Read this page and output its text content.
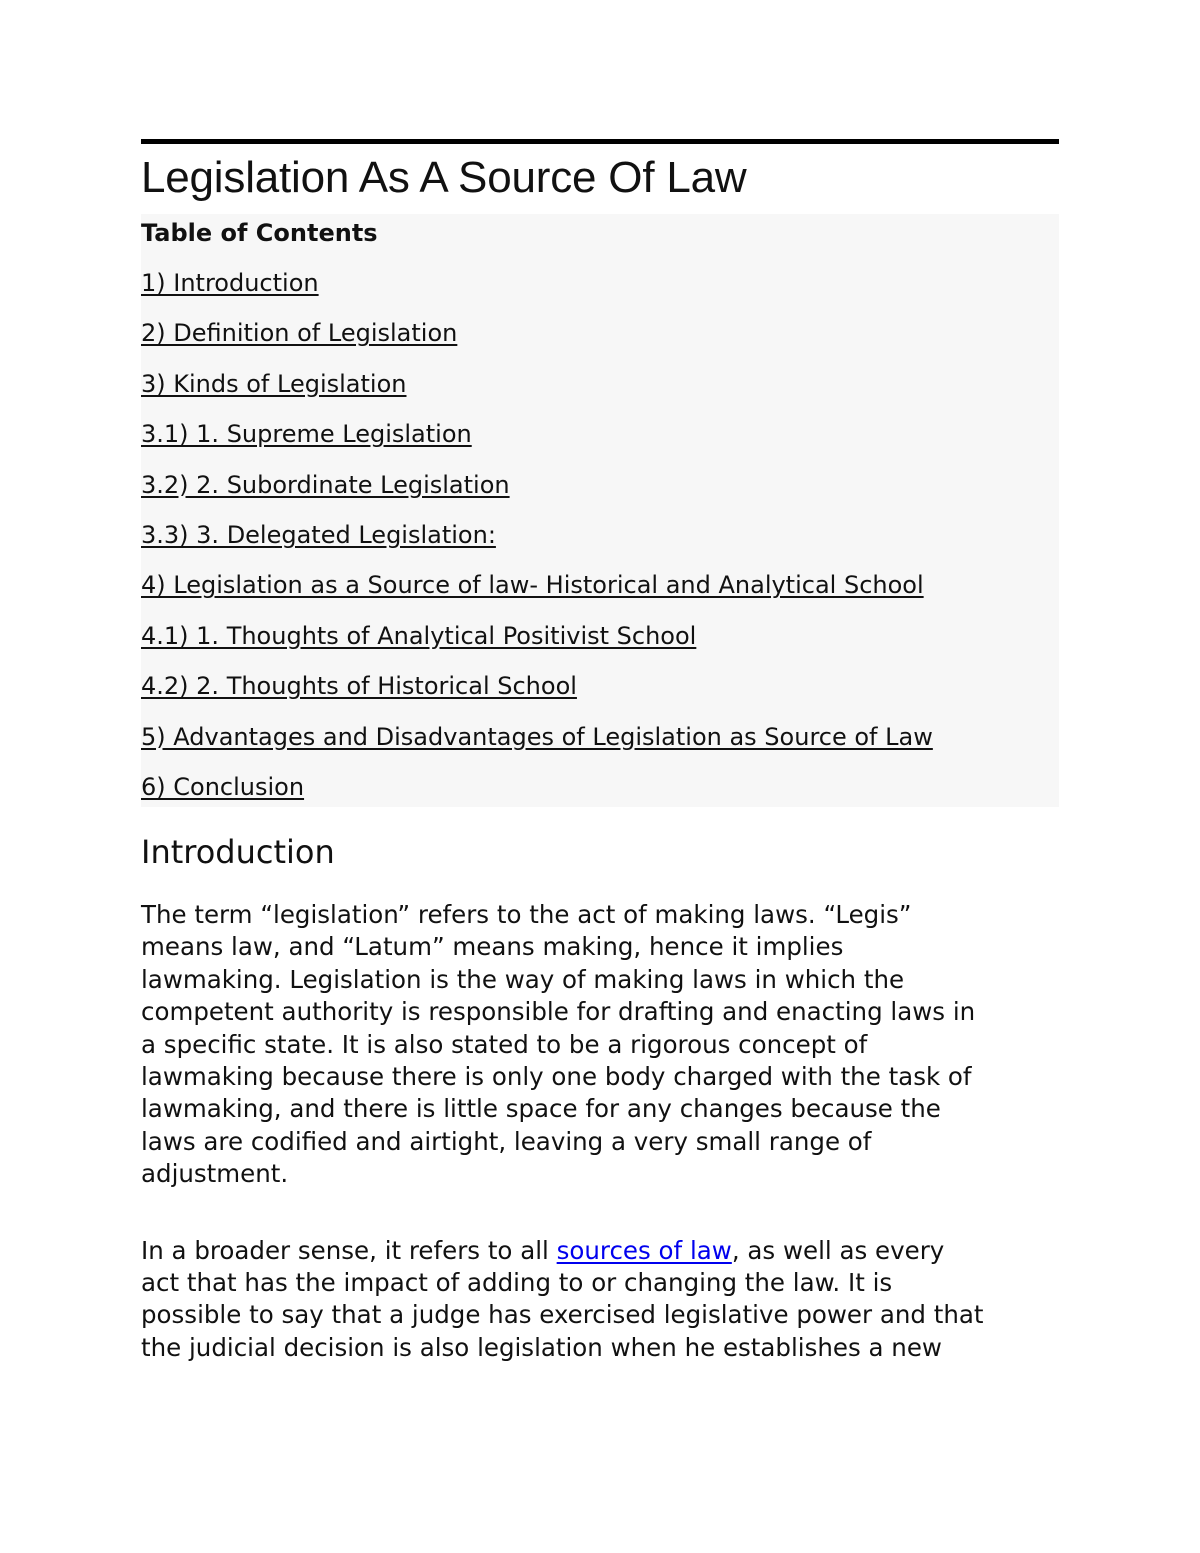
Legislation As A Source Of Law
Table of Contents
1) Introduction
2) Definition of Legislation
3) Kinds of Legislation
3.1) 1. Supreme Legislation
3.2) 2. Subordinate Legislation
3.3) 3. Delegated Legislation:
4) Legislation as a Source of law- Historical and Analytical School
4.1) 1. Thoughts of Analytical Positivist School
4.2) 2. Thoughts of Historical School
5) Advantages and Disadvantages of Legislation as Source of Law
6) Conclusion
Introduction

The term “legislation” refers to the act of making laws. “Legis”
means law, and “Latum” means making, hence it implies
lawmaking. Legislation is the way of making laws in which the
competent authority is responsible for drafting and enacting laws in
a specific state. It is also stated to be a rigorous concept of
lawmaking because there is only one body charged with the task of
lawmaking, and there is little space for any changes because the
laws are codified and airtight, leaving a very small range of
adjustment.

In a broader sense, it refers to all sources of law, as well as every
act that has the impact of adding to or changing the law. It is
possible to say that a judge has exercised legislative power and that
the judicial decision is also legislation when he establishes a new
